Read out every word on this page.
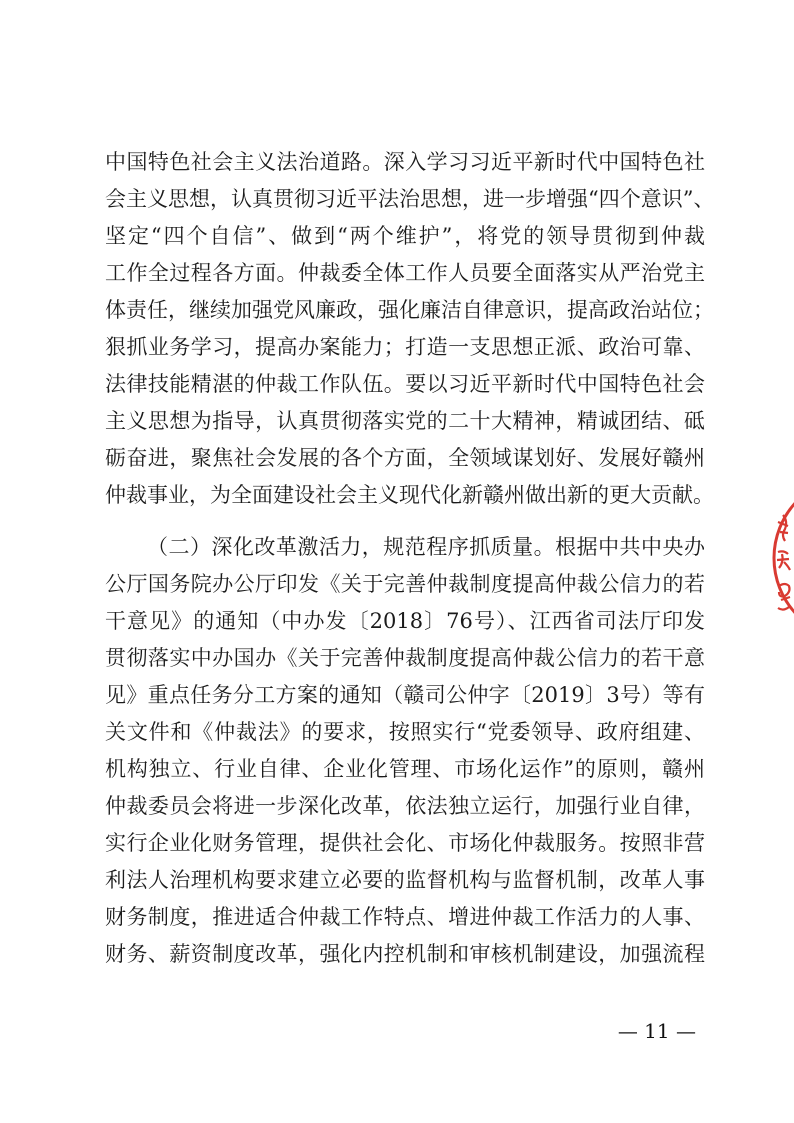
中国特色社会主义法治道路。深入学习习近平新时代中国特色社
会主义思想，认真贯彻习近平法治思想，进一步增强“四个意识”、
坚定“四个自信”、做到“两个维护”，将党的领导贯彻到仲裁
工作全过程各方面。仲裁委全体工作人员要全面落实从严治党主
体责任，继续加强党风廉政，强化廉洁自律意识，提高政治站位；
狠抓业务学习，提高办案能力；打造一支思想正派、政治可靠、
法律技能精湛的仲裁工作队伍。要以习近平新时代中国特色社会
主义思想为指导，认真贯彻落实党的二十大精神，精诚团结、砥
砺奋进，聚焦社会发展的各个方面，全领域谋划好、发展好赣州
仲裁事业，为全面建设社会主义现代化新赣州做出新的更大贡献。
（二）深化改革激活力，规范程序抓质量。根据中共中央办
公厅国务院办公厅印发《关于完善仲裁制度提高仲裁公信力的若
干意见》的通知（中办发〔2018〕76号）、江西省司法厅印发
贯彻落实中办国办《关于完善仲裁制度提高仲裁公信力的若干意
见》重点任务分工方案的通知（赣司公仲字〔2019〕3号）等有
关文件和《仲裁法》的要求，按照实行“党委领导、政府组建、
机构独立、行业自律、企业化管理、市场化运作”的原则，赣州
仲裁委员会将进一步深化改革，依法独立运行，加强行业自律，
实行企业化财务管理，提供社会化、市场化仲裁服务。按照非营
利法人治理机构要求建立必要的监督机构与监督机制，改革人事
财务制度，推进适合仲裁工作特点、增进仲裁工作活力的人事、
财务、薪资制度改革，强化内控机制和审核机制建设，加强流程
— 11 —
